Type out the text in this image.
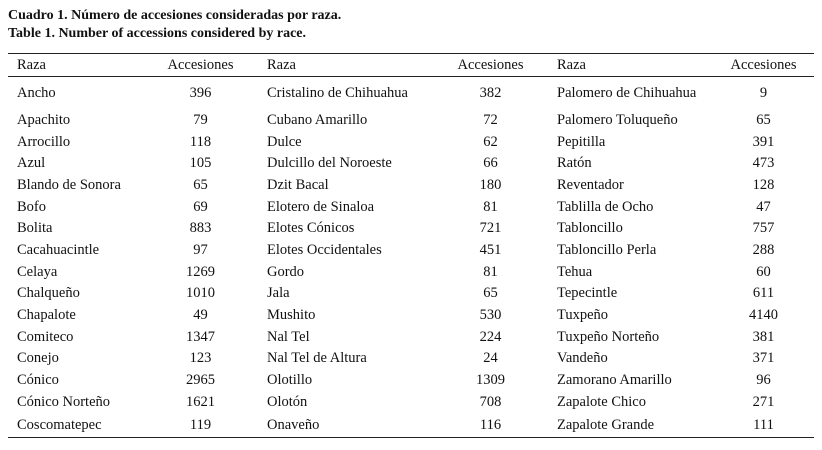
Cuadro 1. Número de accesiones consideradas por raza.
Table 1. Number of accessions considered by race.
Raza	Accesiones	Raza	Accesiones	Raza	Accesiones
Ancho	396	Cristalino de Chihuahua	382	Palomero de Chihuahua	9
Apachito	79	Cubano Amarillo	72	Palomero Toluqueño	65
Arrocillo	118	Dulce	62	Pepitilla	391
Azul	105	Dulcillo del Noroeste	66	Ratón	473
Blando de Sonora	65	Dzit Bacal	180	Reventador	128
Bofo	69	Elotero de Sinaloa	81	Tablilla de Ocho	47
Bolita	883	Elotes Cónicos	721	Tabloncillo	757
Cacahuacintle	97	Elotes Occidentales	451	Tabloncillo Perla	288
Celaya	1269	Gordo	81	Tehua	60
Chalqueño	1010	Jala	65	Tepecintle	611
Chapalote	49	Mushito	530	Tuxpeño	4140
Comiteco	1347	Nal Tel	224	Tuxpeño Norteño	381
Conejo	123	Nal Tel de Altura	24	Vandeño	371
Cónico	2965	Olotillo	1309	Zamorano Amarillo	96
Cónico Norteño	1621	Olotón	708	Zapalote Chico	271
Coscomatepec	119	Onaveño	116	Zapalote Grande	111
